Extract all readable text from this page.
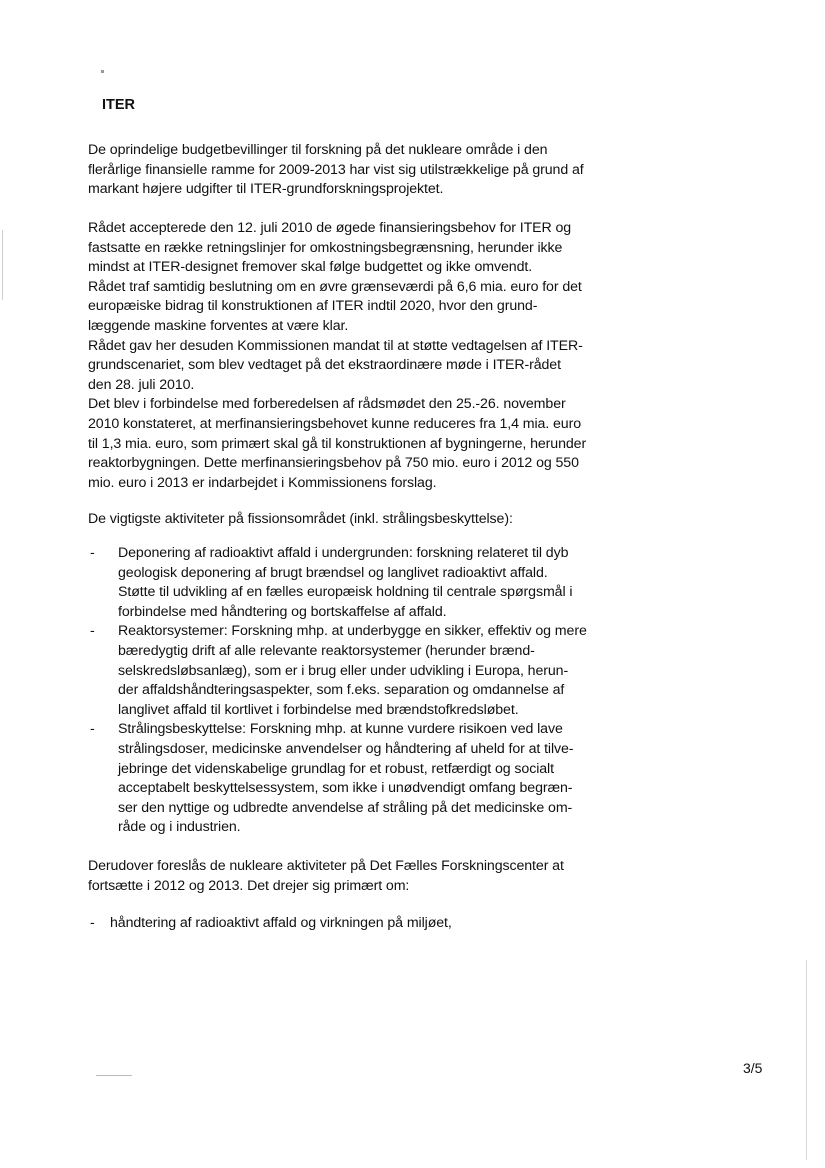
ITER
De oprindelige budgetbevillinger til forskning på det nukleare område i den flerårlige finansielle ramme for 2009-2013 har vist sig utilstrækkelige på grund af markant højere udgifter til ITER-grundforskningsprojektet.
Rådet accepterede den 12. juli 2010 de øgede finansieringsbehov for ITER og fastsatte en række retningslinjer for omkostningsbegrænsning, herunder ikke mindst at ITER-designet fremover skal følge budgettet og ikke omvendt.
Rådet traf samtidig beslutning om en øvre grænseværdi på 6,6 mia. euro for det europæiske bidrag til konstruktionen af ITER indtil 2020, hvor den grund-læggende maskine forventes at være klar.
Rådet gav her desuden Kommissionen mandat til at støtte vedtagelsen af ITER-grundscenariet, som blev vedtaget på det ekstraordinære møde i ITER-rådet den 28. juli 2010.
Det blev i forbindelse med forberedelsen af rådsmødet den 25.-26. november 2010 konstateret, at merfinansieringsbehovet kunne reduceres fra 1,4 mia. euro til 1,3 mia. euro, som primært skal gå til konstruktionen af bygningerne, herunder reaktorbygningen. Dette merfinansieringsbehov på 750 mio. euro i 2012 og 550 mio. euro i 2013 er indarbejdet i Kommissionens forslag.
De vigtigste aktiviteter på fissionsområdet (inkl. strålingsbeskyttelse):
- Deponering af radioaktivt affald i undergrunden: forskning relateret til dyb geologisk deponering af brugt brændsel og langlivet radioaktivt affald. Støtte til udvikling af en fælles europæisk holdning til centrale spørgsmål i forbindelse med håndtering og bortskaffelse af affald.
- Reaktorsystemer: Forskning mhp. at underbygge en sikker, effektiv og mere bæredygtig drift af alle relevante reaktorsystemer (herunder brænd-selskredsløbsanlæg), som er i brug eller under udvikling i Europa, herun-der affaldshåndteringsaspekter, som f.eks. separation og omdannelse af langlivet affald til kortlivet i forbindelse med brændstofkredsløbet.
- Strålingsbeskyttelse: Forskning mhp. at kunne vurdere risikoen ved lave strålingsdoser, medicinske anvendelser og håndtering af uheld for at tilve-jebringe det videnskabelige grundlag for et robust, retfærdigt og socialt acceptabelt beskyttelsessystem, som ikke i unødvendigt omfang begræn-ser den nyttige og udbredte anvendelse af stråling på det medicinske om-råde og i industrien.
Derudover foreslås de nukleare aktiviteter på Det Fælles Forskningscenter at fortsætte i 2012 og 2013. Det drejer sig primært om:
- håndtering af radioaktivt affald og virkningen på miljøet,
3/5
